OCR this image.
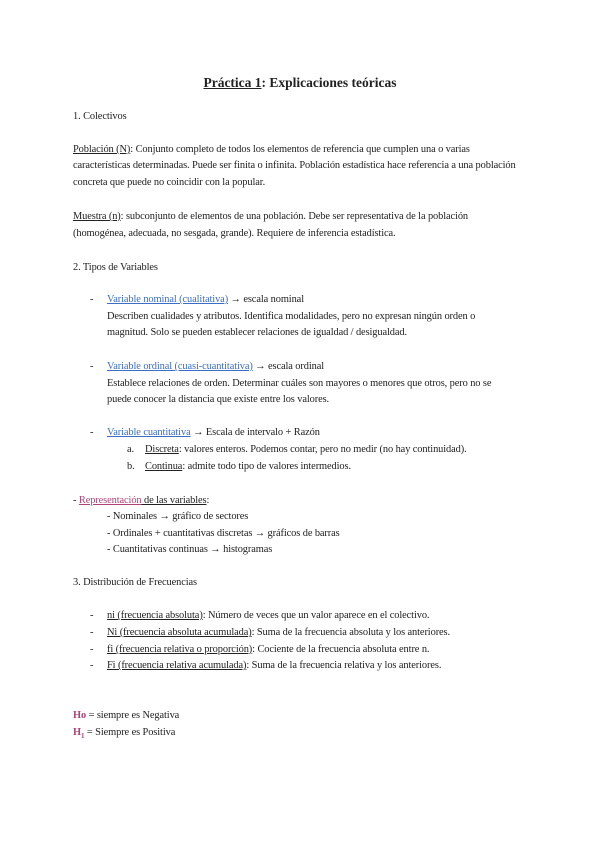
Práctica 1: Explicaciones teóricas
1. Colectivos
Población (N): Conjunto completo de todos los elementos de referencia que cumplen una o varias
características determinadas. Puede ser finita o infinita. Población estadística hace referencia a una población
concreta que puede no coincidir con la popular.
Muestra (n): subconjunto de elementos de una población. Debe ser representativa de la población
(homogénea, adecuada, no sesgada, grande). Requiere de inferencia estadística.
2. Tipos de Variables
- Variable nominal (cualitativa) → escala nominal
Describen cualidades y atributos. Identifica modalidades, pero no expresan ningún orden o
magnitud. Solo se pueden establecer relaciones de igualdad / desigualdad.
- Variable ordinal (cuasi-cuantitativa) → escala ordinal
Establece relaciones de orden. Determinar cuáles son mayores o menores que otros, pero no se
puede conocer la distancia que existe entre los valores.
- Variable cuantitativa → Escala de intervalo + Razón
a. Discreta: valores enteros. Podemos contar, pero no medir (no hay continuidad).
b. Continua: admite todo tipo de valores intermedios.
- Representación de las variables:
- Nominales → gráfico de sectores
- Ordinales + cuantitativas discretas → gráficos de barras
- Cuantitativas continuas → histogramas
3. Distribución de Frecuencias
- ni (frecuencia absoluta): Número de veces que un valor aparece en el colectivo.
- Ni (frecuencia absoluta acumulada): Suma de la frecuencia absoluta y los anteriores.
- fi (frecuencia relativa o proporción): Cociente de la frecuencia absoluta entre n.
- Fi (frecuencia relativa acumulada): Suma de la frecuencia relativa y los anteriores.
Ho = siempre es Negativa
$H_1$ = Siempre es Positiva
